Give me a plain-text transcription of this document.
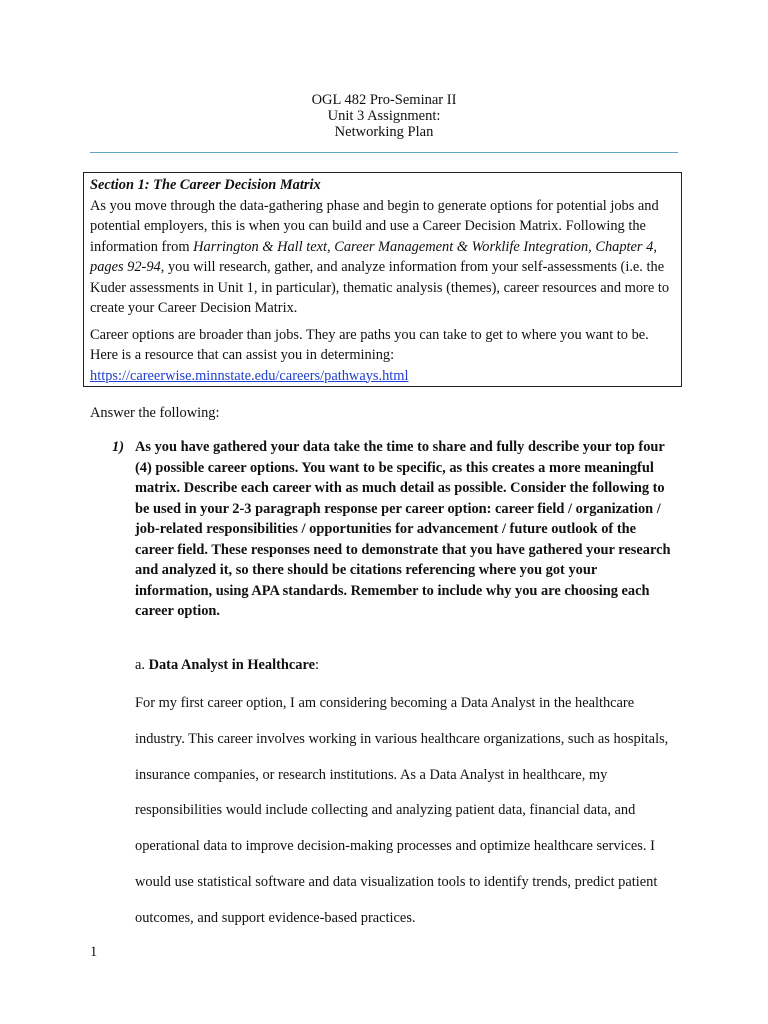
OGL 482 Pro-Seminar II
Unit 3 Assignment:
Networking Plan

Section 1: The Career Decision Matrix
As you move through the data-gathering phase and begin to generate options for potential jobs and potential employers, this is when you can build and use a Career Decision Matrix. Following the information from Harrington & Hall text, Career Management & Worklife Integration, Chapter 4, pages 92-94, you will research, gather, and analyze information from your self-assessments (i.e. the Kuder assessments in Unit 1, in particular), thematic analysis (themes), career resources and more to create your Career Decision Matrix.

Career options are broader than jobs. They are paths you can take to get to where you want to be. Here is a resource that can assist you in determining:
https://careerwise.minnstate.edu/careers/pathways.html

Answer the following:
1) As you have gathered your data take the time to share and fully describe your top four (4) possible career options. You want to be specific, as this creates a more meaningful matrix. Describe each career with as much detail as possible. Consider the following to be used in your 2-3 paragraph response per career option: career field / organization / job-related responsibilities / opportunities for advancement / future outlook of the career field. These responses need to demonstrate that you have gathered your research and analyzed it, so there should be citations referencing where you got your information, using APA standards. Remember to include why you are choosing each career option.
a. Data Analyst in Healthcare:
For my first career option, I am considering becoming a Data Analyst in the healthcare industry. This career involves working in various healthcare organizations, such as hospitals, insurance companies, or research institutions. As a Data Analyst in healthcare, my responsibilities would include collecting and analyzing patient data, financial data, and operational data to improve decision-making processes and optimize healthcare services. I would use statistical software and data visualization tools to identify trends, predict patient outcomes, and support evidence-based practices.
1
